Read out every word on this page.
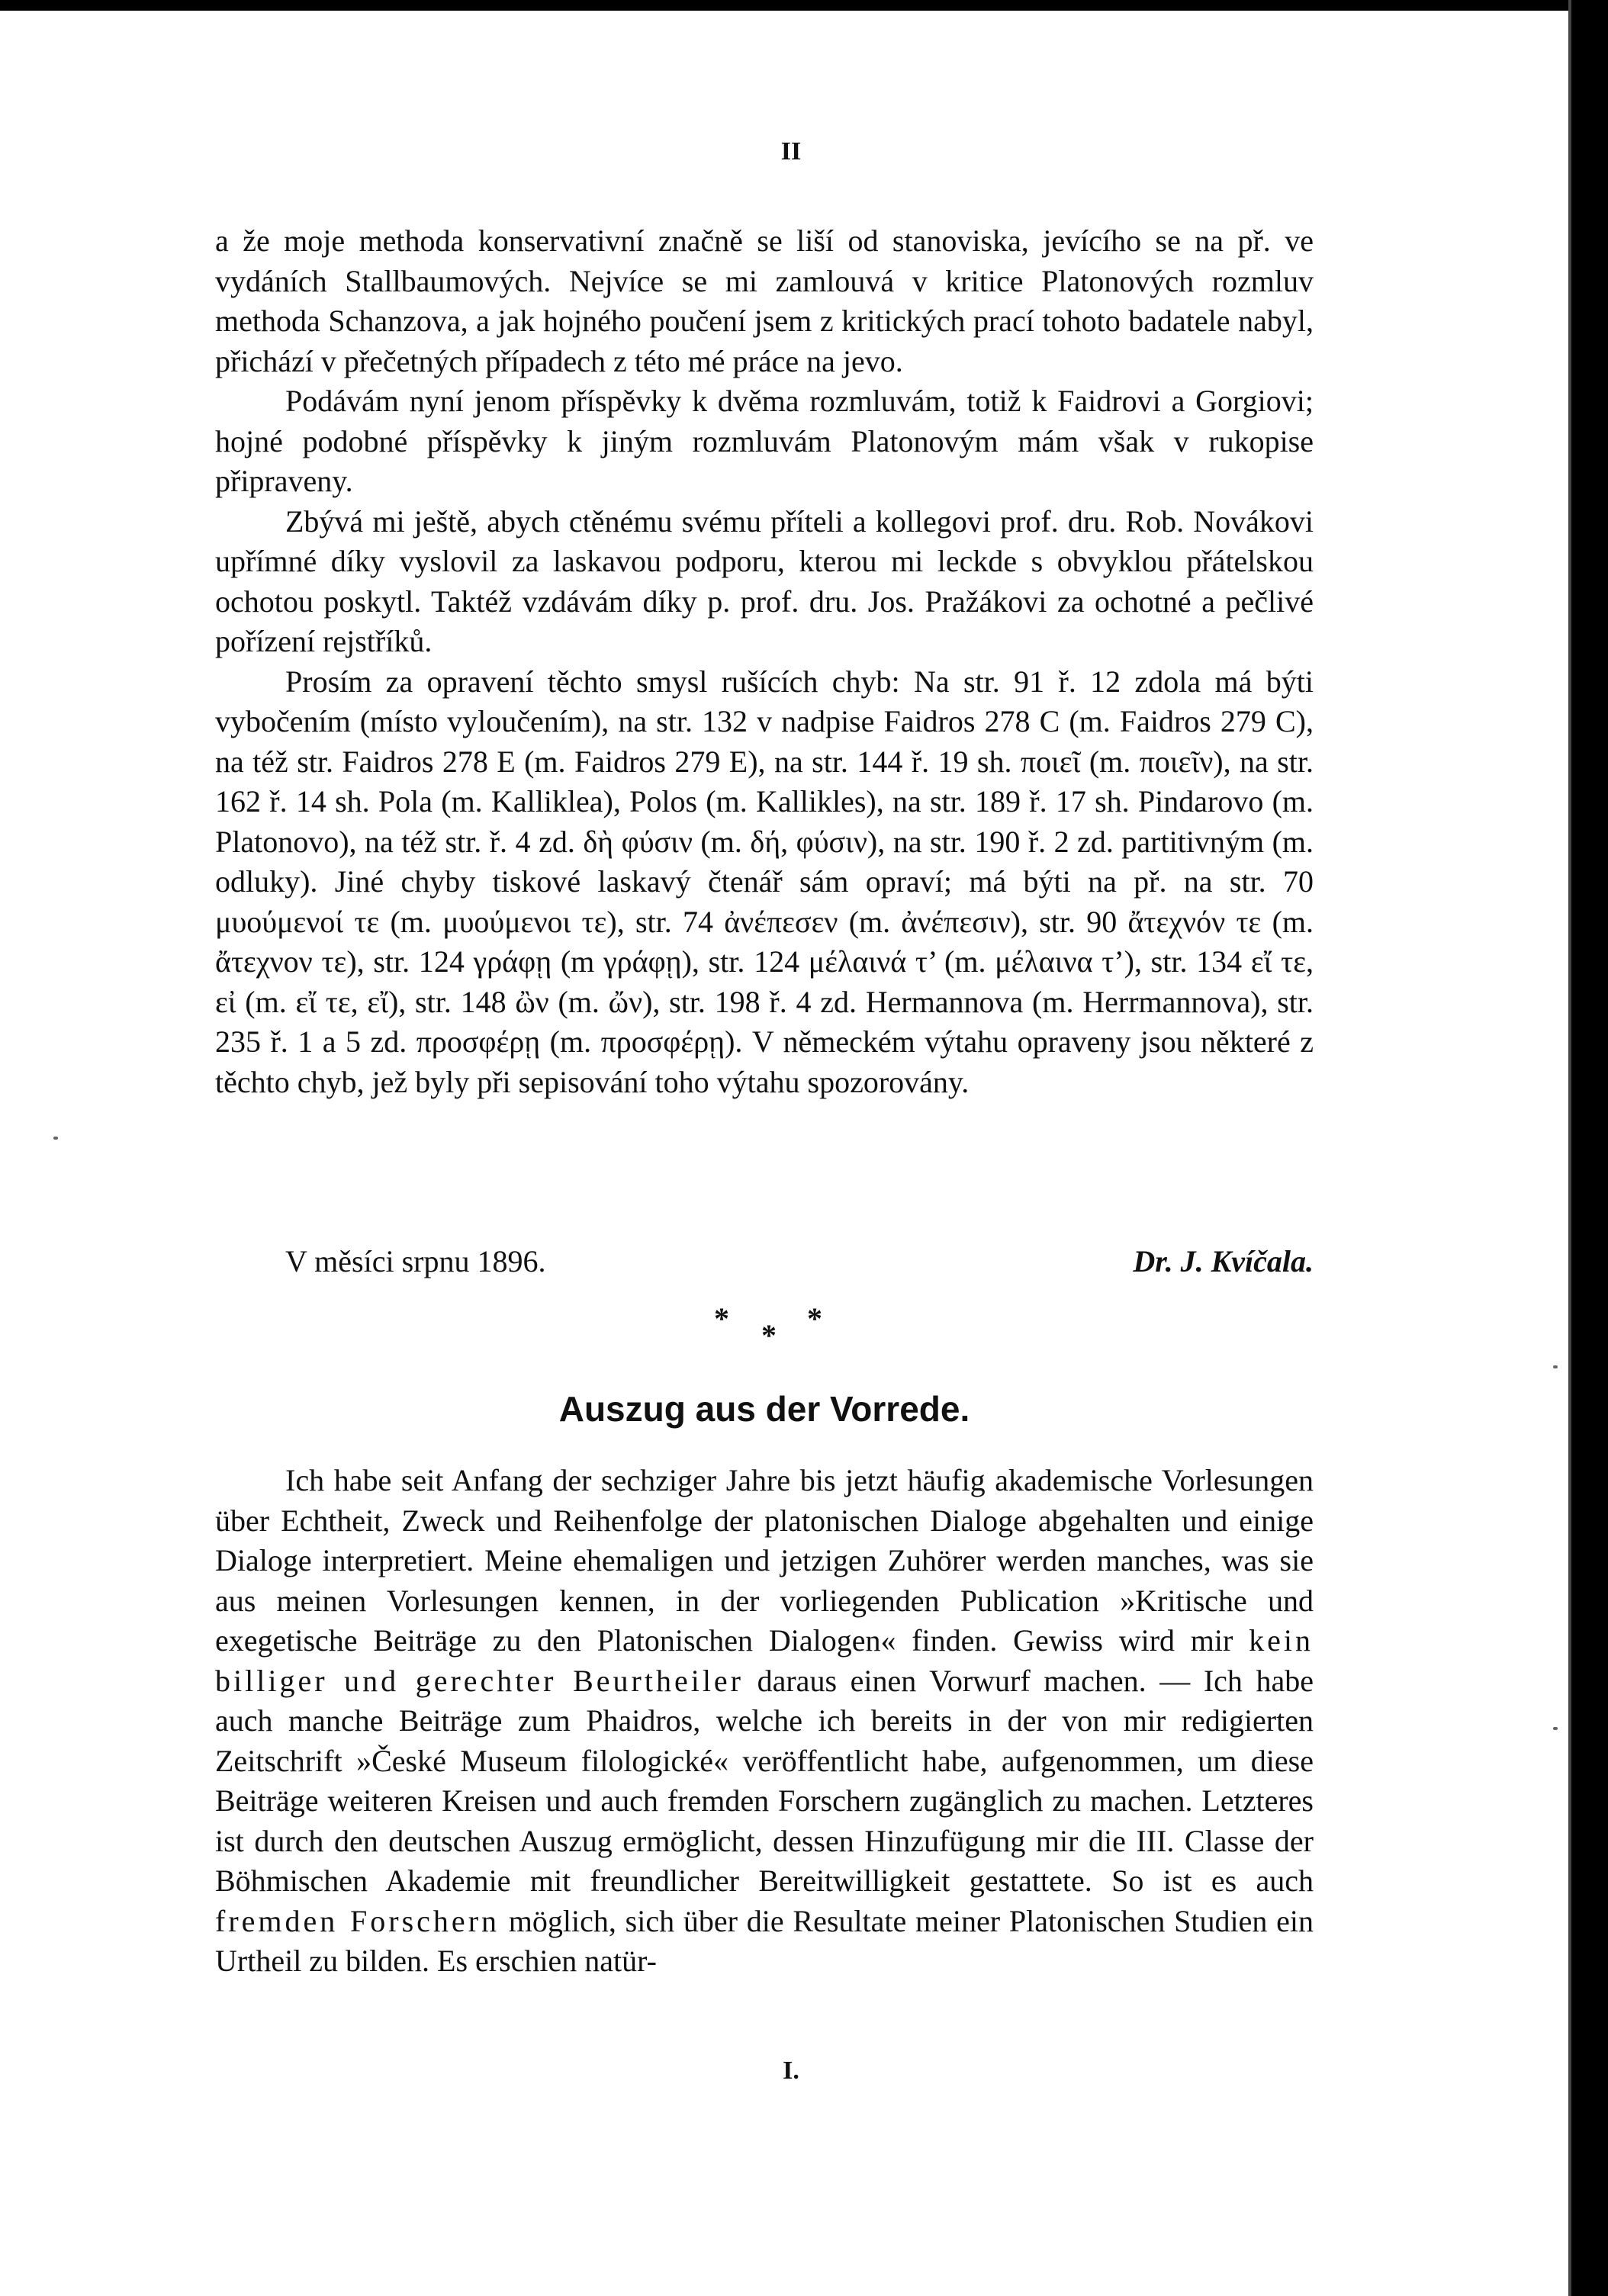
II

a že moje methoda konservativní značně se liší od stanoviska, jevícího se na př. ve vydáních Stallbaumových. Nejvíce se mi zamlouvá v kritice Platonových rozmluv methoda Schanzova, a jak hojného poučení jsem z kritických prací tohoto badatele nabyl, přichází v přečetných případech z této mé práce na jevo.

Podávám nyní jenom příspěvky k dvěma rozmluvám, totiž k Faidrovi a Gorgiovi; hojné podobné příspěvky k jiným rozmluvám Platonovým mám však v rukopise připraveny.

Zbývá mi ještě, abych ctěnému svému příteli a kollegovi prof. dru. Rob. Novákovi upřímné díky vyslovil za laskavou podporu, kterou mi leckde s obvyklou přátelskou ochotou poskytl. Taktéž vzdávám díky p. prof. dru. Jos. Pražákovi za ochotné a pečlivé pořízení rejstříků.

Prosím za opravení těchto smysl rušících chyb: Na str. 91 ř. 12 zdola má býti vybočením (místo vyloučením), na str. 132 v nadpise Faidros 278 C (m. Faidros 279 C), na též str. Faidros 278 E (m. Faidros 279 E), na str. 144 ř. 19 sh. ποιεῖ (m. ποιεῖν), na str. 162 ř. 14 sh. Pola (m. Kalliklea), Polos (m. Kallikles), na str. 189 ř. 17 sh. Pindarovo (m. Platonovo), na též str. ř. 4 zd. δὴ φύσιν (m. δή, φύσιν), na str. 190 ř. 2 zd. partitivným (m. odluky). Jiné chyby tiskové laskavý čtenář sám opraví; má býti na př. na str. 70 μυούμενοί τε (m. μυούμενοι τε), str. 74 ἀνέπεσεν (m. ἀνέπεσιν), str. 90 ἄτεχνόν τε (m. ἄτεχνον τε), str. 124 γράφῃ (m γράφῃ), str. 124 μέλαινά τ’ (m. μέλαινα τ’), str. 134 εἴ τε, εἰ (m. εἴ τε, εἴ), str. 148 ὢν (m. ὤν), str. 198 ř. 4 zd. Hermannova (m. Herrmannova), str. 235 ř. 1 a 5 zd. προσφέρῃ (m. προσφέρῃ). V německém výtahu opraveny jsou některé z těchto chyb, jež byly při sepisování toho výtahu spozorovány.

V měsíci srpnu 1896.	Dr. J. Kvíčala.
* * *
Auszug aus der Vorrede.

Ich habe seit Anfang der sechziger Jahre bis jetzt häufig akademische Vorlesungen über Echtheit, Zweck und Reihenfolge der platonischen Dialoge abgehalten und einige Dialoge interpretiert. Meine ehemaligen und jetzigen Zuhörer werden manches, was sie aus meinen Vorlesungen kennen, in der vorliegenden Publication »Kritische und exegetische Beiträge zu den Platonischen Dialogen« finden. Gewiss wird mir kein billiger und gerechter Beurtheiler daraus einen Vorwurf machen. — Ich habe auch manche Beiträge zum Phaidros, welche ich bereits in der von mir redigierten Zeitschrift »České Museum filologické« veröffentlicht habe, aufgenommen, um diese Beiträge weiteren Kreisen und auch fremden Forschern zugänglich zu machen. Letzteres ist durch den deutschen Auszug ermöglicht, dessen Hinzufügung mir die III. Classe der Böhmischen Akademie mit freundlicher Bereitwilligkeit gestattete. So ist es auch fremden Forschern möglich, sich über die Resultate meiner Platonischen Studien ein Urtheil zu bilden. Es erschien natür-

I.
